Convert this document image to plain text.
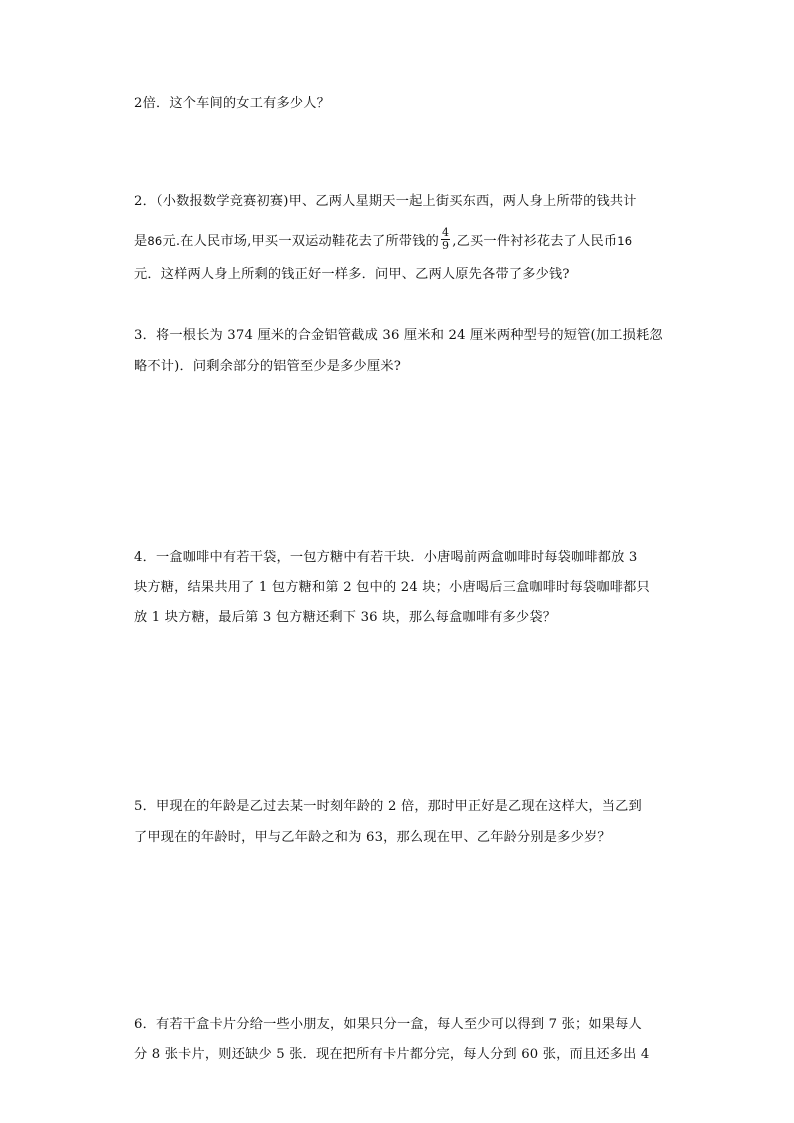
2倍．这个车间的女工有多少人？
2．（小数报数学竞赛初赛)甲、乙两人星期天一起上街买东西，两人身上所带的钱共计
是86元.在人民市场,甲买一双运动鞋花去了所带钱的 $\frac{4}{9}$ ,乙买一件衬衫花去了人民币16
元．这样两人身上所剩的钱正好一样多．问甲、乙两人原先各带了多少钱?
3．将一根长为 374 厘米的合金铝管截成 36 厘米和 24 厘米两种型号的短管(加工损耗忽
略不计)．问剩余部分的铝管至少是多少厘米?
4．一盒咖啡中有若干袋，一包方糖中有若干块．小唐喝前两盒咖啡时每袋咖啡都放 3
块方糖，结果共用了 1 包方糖和第 2 包中的 24 块；小唐喝后三盒咖啡时每袋咖啡都只
放 1 块方糖，最后第 3 包方糖还剩下 36 块，那么每盒咖啡有多少袋？
5．甲现在的年龄是乙过去某一时刻年龄的 2 倍，那时甲正好是乙现在这样大，当乙到
了甲现在的年龄时，甲与乙年龄之和为 63，那么现在甲、乙年龄分别是多少岁？
6．有若干盒卡片分给一些小朋友，如果只分一盒，每人至少可以得到 7 张；如果每人
分 8 张卡片，则还缺少 5 张．现在把所有卡片都分完，每人分到 60 张，而且还多出 4
